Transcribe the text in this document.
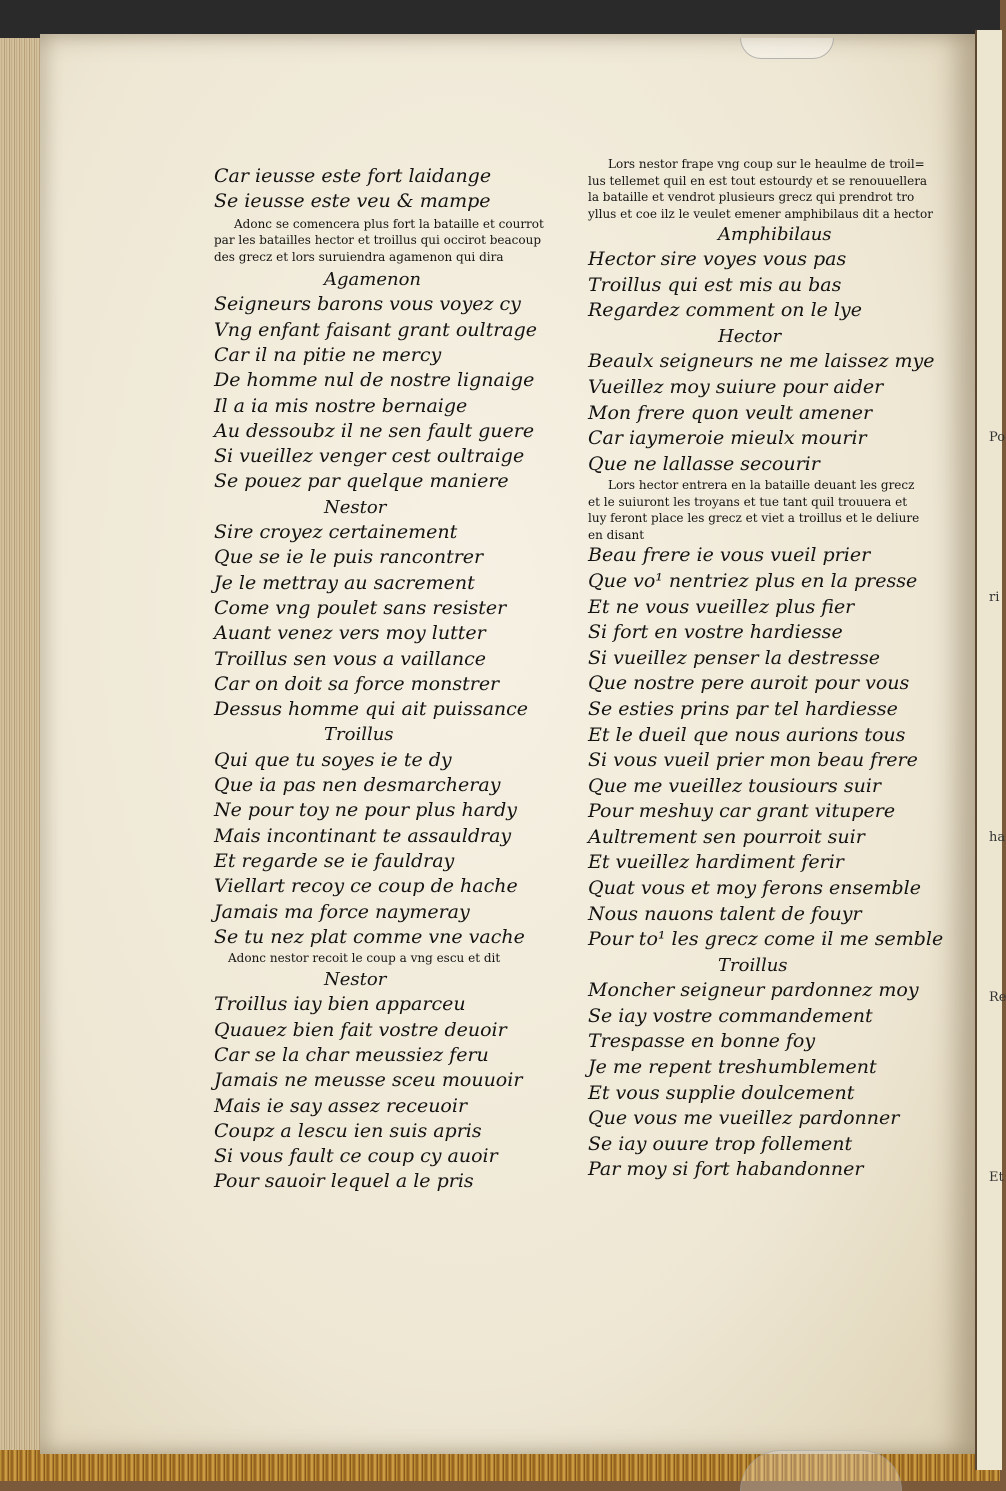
Po
ri
ha
Re
Et
Car ieusse este fort laidange
Se ieusse este veu & mampe
Adonc se comencera plus fort la bataille et courrot
par les batailles hector et troillus qui occirot beacoup
des grecz et lors suruiendra agamenon qui dira
Agamenon
Seigneurs barons vous voyez cy
Vng enfant faisant grant oultrage
Car il na pitie ne mercy
De homme nul de nostre lignaige
Il a ia mis nostre bernaige
Au dessoubz il ne sen fault guere
Si vueillez venger cest oultraige
Se pouez par quelque maniere
Nestor
Sire croyez certainement
Que se ie le puis rancontrer
Je le mettray au sacrement
Come vng poulet sans resister
Auant venez vers moy lutter
Troillus sen vous a vaillance
Car on doit sa force monstrer
Dessus homme qui ait puissance
Troillus
Qui que tu soyes ie te dy
Que ia pas nen desmarcheray
Ne pour toy ne pour plus hardy
Mais incontinant te assauldray
Et regarde se ie fauldray
Viellart recoy ce coup de hache
Jamais ma force naymeray
Se tu nez plat comme vne vache
Adonc nestor recoit le coup a vng escu et dit
Nestor
Troillus iay bien apparceu
Quauez bien fait vostre deuoir
Car se la char meussiez feru
Jamais ne meusse sceu mouuoir
Mais ie say assez receuoir
Coupz a lescu ien suis apris
Si vous fault ce coup cy auoir
Pour sauoir lequel a le pris
Lors nestor frape vng coup sur le heaulme de troil=
lus tellemet quil en est tout estourdy et se renouuellera
la bataille et vendrot plusieurs grecz qui prendrot tro
yllus et coe ilz le veulet emener amphibilaus dit a hector
Amphibilaus
Hector sire voyes vous pas
Troillus qui est mis au bas
Regardez comment on le lye
Hector
Beaulx seigneurs ne me laissez mye
Vueillez moy suiure pour aider
Mon frere quon veult amener
Car iaymeroie mieulx mourir
Que ne lallasse secourir
Lors hector entrera en la bataille deuant les grecz
et le suiuront les troyans et tue tant quil trouuera et
luy feront place les grecz et viet a troillus et le deliure
en disant
Beau frere ie vous vueil prier
Que vo¹ nentriez plus en la presse
Et ne vous vueillez plus fier
Si fort en vostre hardiesse
Si vueillez penser la destresse
Que nostre pere auroit pour vous
Se esties prins par tel hardiesse
Et le dueil que nous aurions tous
Si vous vueil prier mon beau frere
Que me vueillez tousiours suir
Pour meshuy car grant vitupere
Aultrement sen pourroit suir
Et vueillez hardiment ferir
Quat vous et moy ferons ensemble
Nous nauons talent de fouyr
Pour to¹ les grecz come il me semble
Troillus
Moncher seigneur pardonnez moy
Se iay vostre commandement
Trespasse en bonne foy
Je me repent treshumblement
Et vous supplie doulcement
Que vous me vueillez pardonner
Se iay ouure trop follement
Par moy si fort habandonner
